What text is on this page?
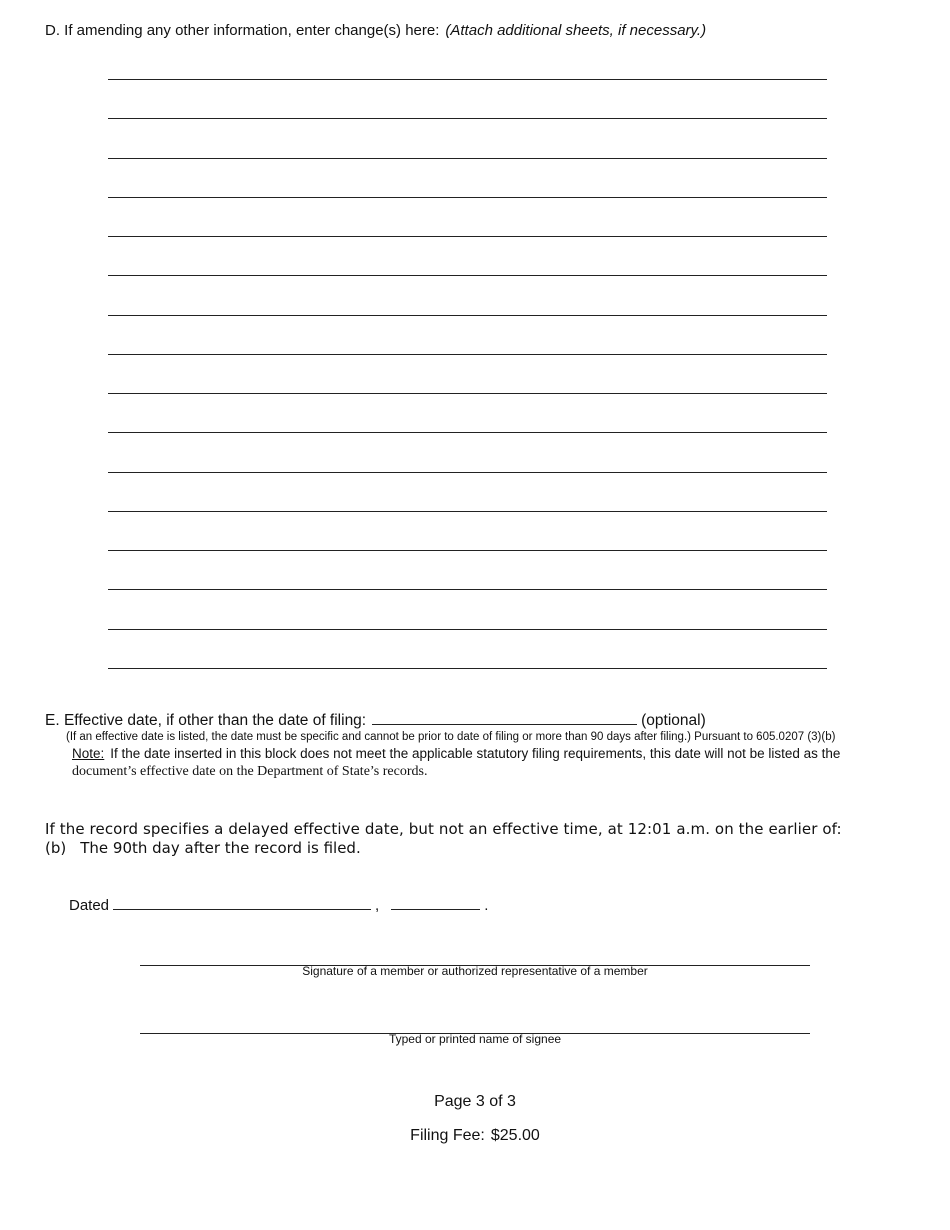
D. If amending any other information, enter change(s) here: (Attach additional sheets, if necessary.)
E. Effective date, if other than the date of filing:	(optional)
(If an effective date is listed, the date must be specific and cannot be prior to date of filing or more than 90 days after filing.) Pursuant to 605.0207 (3)(b)
Note: If the date inserted in this block does not meet the applicable statutory filing requirements, this date will not be listed as the
document’s effective date on the Department of State’s records.
If the record specifies a delayed effective date, but not an effective time, at 12:01 a.m. on the earlier of:
(b) The 90th day after the record is filed.
Dated	,	.
Signature of a member or authorized representative of a member
Typed or printed name of signee
Page 3 of 3
Filing Fee: $25.00
